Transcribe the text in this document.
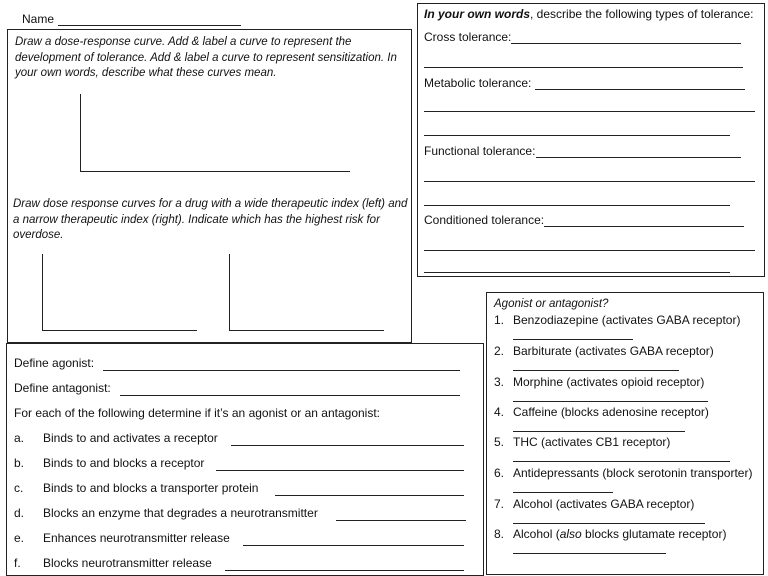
Name
Draw a dose-response curve. Add & label a curve to represent the
development of tolerance. Add & label a curve to represent sensitization. In
your own words, describe what these curves mean.
Draw dose response curves for a drug with a wide therapeutic index (left) and
a narrow therapeutic index (right). Indicate which has the highest risk for
overdose.
In your own words, describe the following types of tolerance:
Cross tolerance:
Metabolic tolerance:
Functional tolerance:
Conditioned tolerance:
Agonist or antagonist?
1. Benzodiazepine (activates GABA receptor)
2. Barbiturate (activates GABA receptor)
3. Morphine (activates opioid receptor)
4. Caffeine (blocks adenosine receptor)
5. THC (activates CB1 receptor)
6. Antidepressants (block serotonin transporter)
7. Alcohol (activates GABA receptor)
8. Alcohol (also blocks glutamate receptor)
Define agonist:
Define antagonist:
For each of the following determine if it’s an agonist or an antagonist:
a. Binds to and activates a receptor
b. Binds to and blocks a receptor
c. Binds to and blocks a transporter protein
d. Blocks an enzyme that degrades a neurotransmitter
e. Enhances neurotransmitter release
f. Blocks neurotransmitter release
